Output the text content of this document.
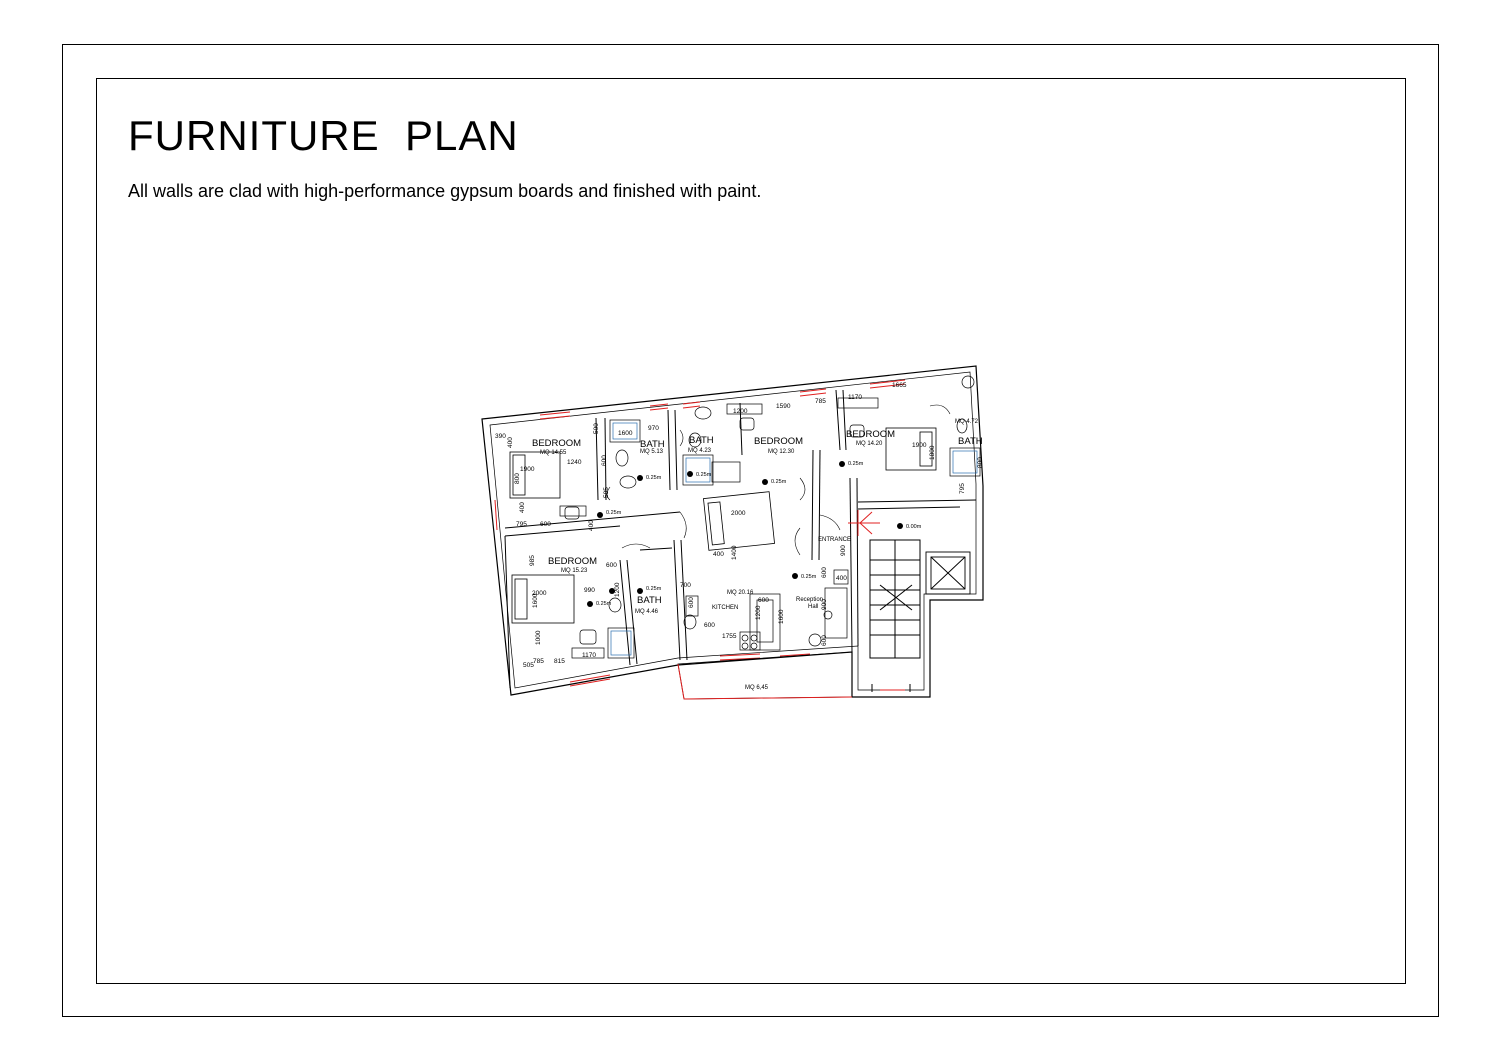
FURNITURE  PLAN
All walls are clad with high-performance gypsum boards and finished with paint.
MQ 6,45
0.25m
0.25m	0.25m
0.25m
0.25m
0.25m
0.25m
0.25m
0.00m
BEDROOM
MQ 14.55
BATH
MQ 5.13
BATH
MQ 4.23
BEDROOM
MQ 12.30
BEDROOM
MQ 14.20	BATH
MQ 4.72
BEDROOM
MQ 15.23
BATH
MQ 4.46
KITCHEN
MQ 20.16
Reception
Hall
ENTRANCE
390
400
1240
1900
800
400
795 600
500
585
600
400
970
1600
1200
1590
785
1170
1665
1900
1800
800
795
2000
1400
400
985	600
2000	990
1600
1200
1000
505
785 815
1170
700
600
600
1755
600
1200 1600
900
400
600
900
600
